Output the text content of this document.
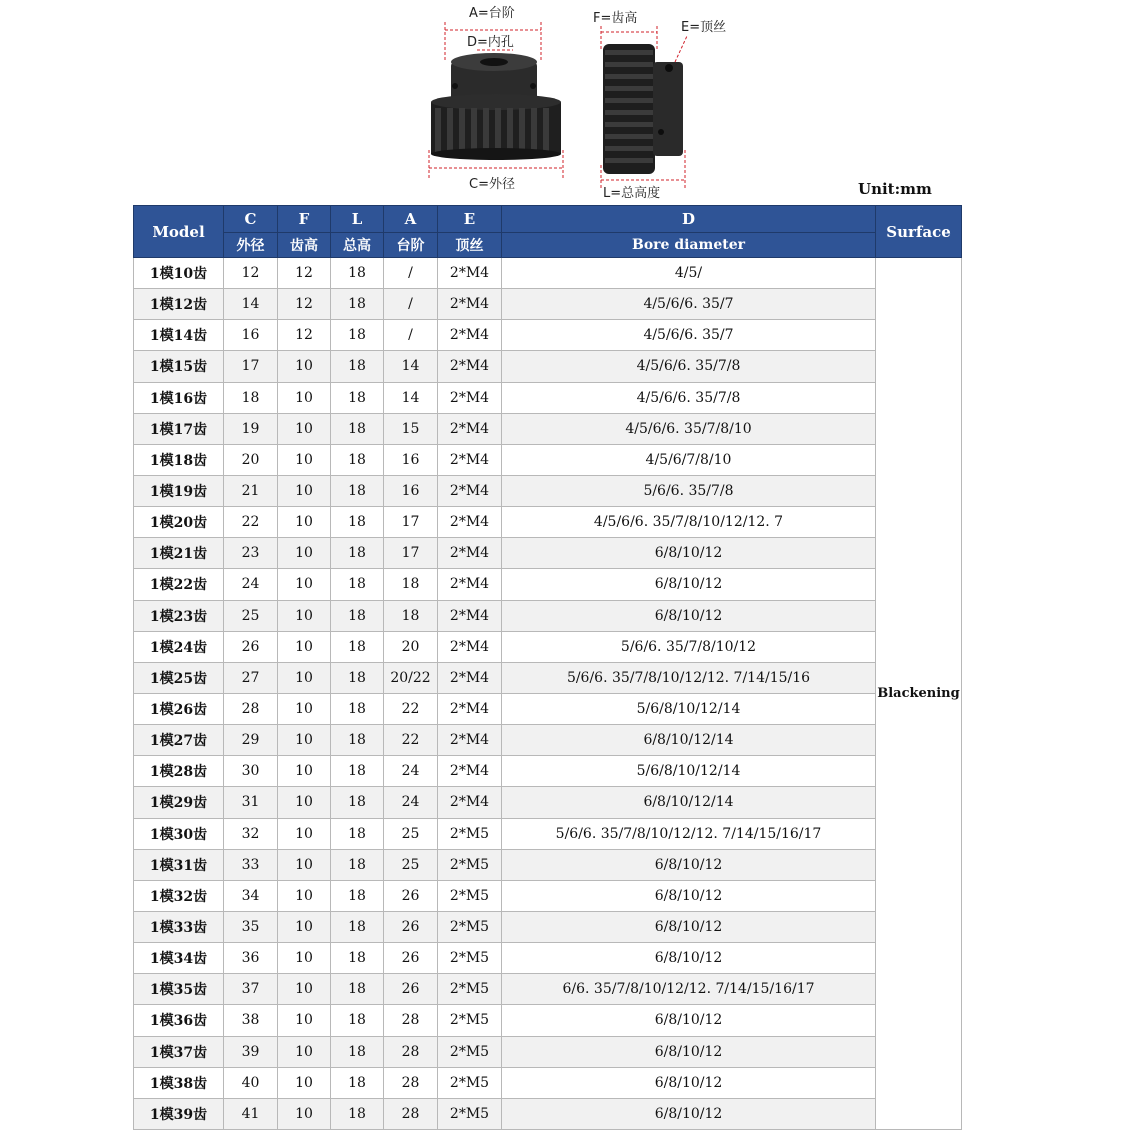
A=台阶
D=内孔
C=外径
F=齿高
E=顶丝
L=总高度	Unit:mm
Model	C	F	L	A	E	D	Surface
	外径	齿高	总高	台阶	顶丝	Bore diameter	
1模10齿	12	12	18	/	2*M4	4/5/	Blackening
1模12齿	14	12	18	/	2*M4	4/5/6/6. 35/7	
1模14齿	16	12	18	/	2*M4	4/5/6/6. 35/7	
1模15齿	17	10	18	14	2*M4	4/5/6/6. 35/7/8	
1模16齿	18	10	18	14	2*M4	4/5/6/6. 35/7/8	
1模17齿	19	10	18	15	2*M4	4/5/6/6. 35/7/8/10	
1模18齿	20	10	18	16	2*M4	4/5/6/7/8/10	
1模19齿	21	10	18	16	2*M4	5/6/6. 35/7/8	
1模20齿	22	10	18	17	2*M4	4/5/6/6. 35/7/8/10/12/12. 7	
1模21齿	23	10	18	17	2*M4	6/8/10/12	
1模22齿	24	10	18	18	2*M4	6/8/10/12	
1模23齿	25	10	18	18	2*M4	6/8/10/12	
1模24齿	26	10	18	20	2*M4	5/6/6. 35/7/8/10/12	
1模25齿	27	10	18	20/22	2*M4	5/6/6. 35/7/8/10/12/12. 7/14/15/16	
1模26齿	28	10	18	22	2*M4	5/6/8/10/12/14	
1模27齿	29	10	18	22	2*M4	6/8/10/12/14	
1模28齿	30	10	18	24	2*M4	5/6/8/10/12/14	
1模29齿	31	10	18	24	2*M4	6/8/10/12/14	
1模30齿	32	10	18	25	2*M5	5/6/6. 35/7/8/10/12/12. 7/14/15/16/17	
1模31齿	33	10	18	25	2*M5	6/8/10/12	
1模32齿	34	10	18	26	2*M5	6/8/10/12	
1模33齿	35	10	18	26	2*M5	6/8/10/12	
1模34齿	36	10	18	26	2*M5	6/8/10/12	
1模35齿	37	10	18	26	2*M5	6/6. 35/7/8/10/12/12. 7/14/15/16/17	
1模36齿	38	10	18	28	2*M5	6/8/10/12	
1模37齿	39	10	18	28	2*M5	6/8/10/12	
1模38齿	40	10	18	28	2*M5	6/8/10/12	
1模39齿	41	10	18	28	2*M5	6/8/10/12	
